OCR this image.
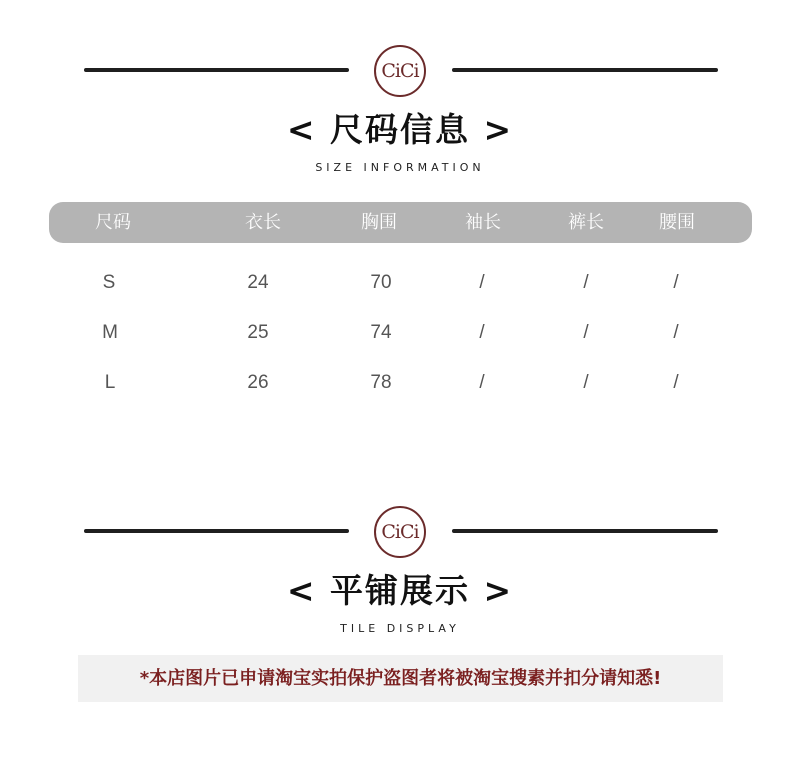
CiCi
< 尺码信息 >
SIZE INFORMATION
尺码	衣长	胸围	袖长	裤长	腰围
S	24	70	/	/	/
M	25	74	/	/	/
L	26	78	/	/	/
CiCi
< 平铺展示 >
TILE DISPLAY
*本店图片已申请淘宝实拍保护盗图者将被淘宝搜素并扣分请知悉!
